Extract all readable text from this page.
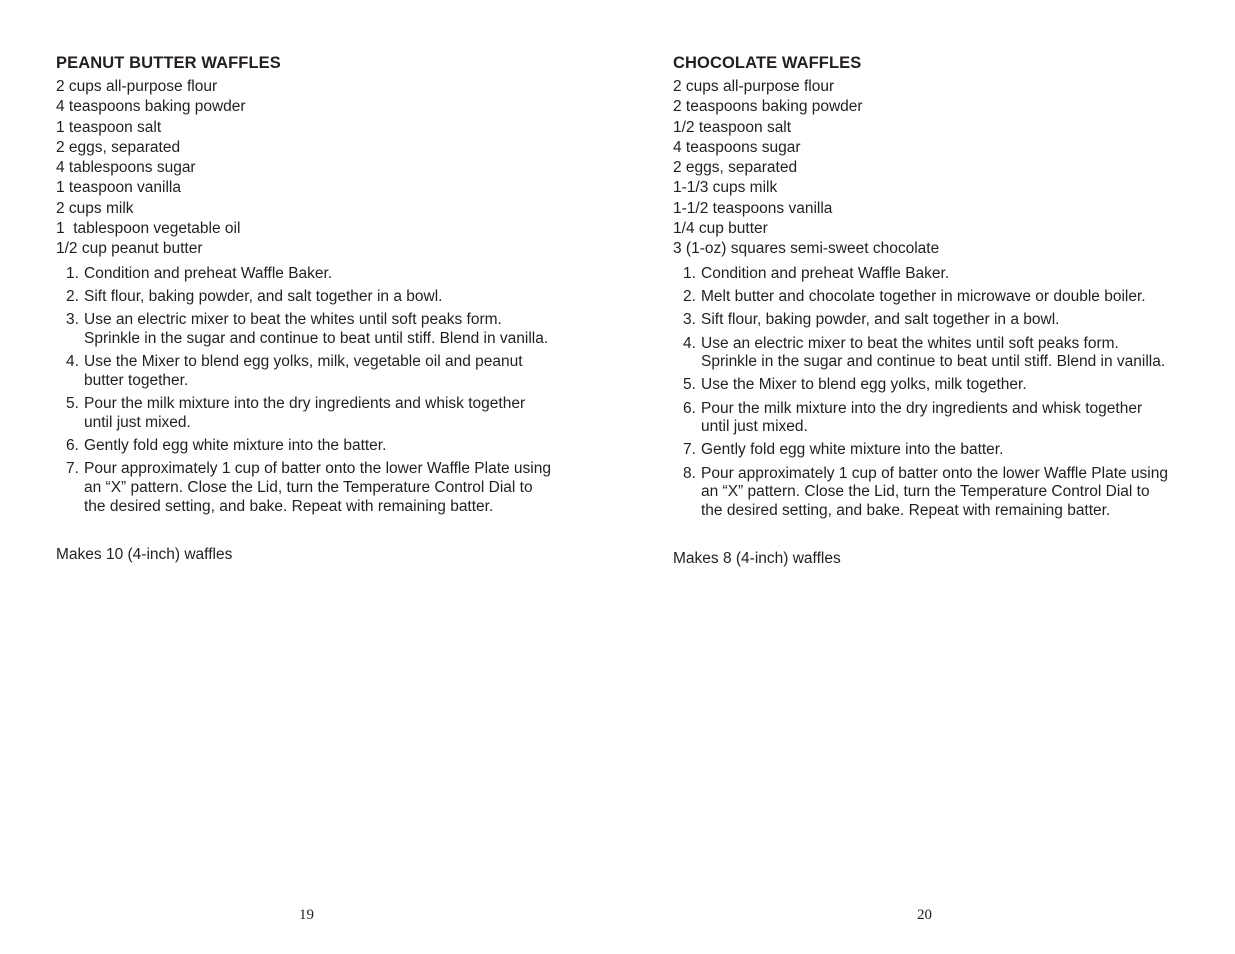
PEANUT BUTTER WAFFLES
2 cups all-purpose flour
4 teaspoons baking powder
1 teaspoon salt
2 eggs, separated
4 tablespoons sugar
1 teaspoon vanilla
2 cups milk
1  tablespoon vegetable oil
1/2 cup peanut butter
1. Condition and preheat Waffle Baker.
2. Sift flour, baking powder, and salt together in a bowl.
3. Use an electric mixer to beat the whites until soft peaks form. Sprinkle in the sugar and continue to beat until stiff. Blend in vanilla.
4. Use the Mixer to blend egg yolks, milk, vegetable oil and peanut butter together.
5. Pour the milk mixture into the dry ingredients and whisk together until just mixed.
6. Gently fold egg white mixture into the batter.
7. Pour approximately 1 cup of batter onto the lower Waffle Plate using an “X” pattern. Close the Lid, turn the Temperature Control Dial to the desired setting, and bake. Repeat with remaining batter.
Makes 10 (4-inch) waffles
19
CHOCOLATE WAFFLES
2 cups all-purpose flour
2 teaspoons baking powder
1/2 teaspoon salt
4 teaspoons sugar
2 eggs, separated
1-1/3 cups milk
1-1/2 teaspoons vanilla
1/4 cup butter
3 (1-oz) squares semi-sweet chocolate
1. Condition and preheat Waffle Baker.
2. Melt butter and chocolate together in microwave or double boiler.
3. Sift flour, baking powder, and salt together in a bowl.
4. Use an electric mixer to beat the whites until soft peaks form. Sprinkle in the sugar and continue to beat until stiff. Blend in vanilla.
5. Use the Mixer to blend egg yolks, milk together.
6. Pour the milk mixture into the dry ingredients and whisk together until just mixed.
7. Gently fold egg white mixture into the batter.
8. Pour approximately 1 cup of batter onto the lower Waffle Plate using an “X” pattern. Close the Lid, turn the Temperature Control Dial to the desired setting, and bake. Repeat with remaining batter.
Makes 8 (4-inch) waffles
20
